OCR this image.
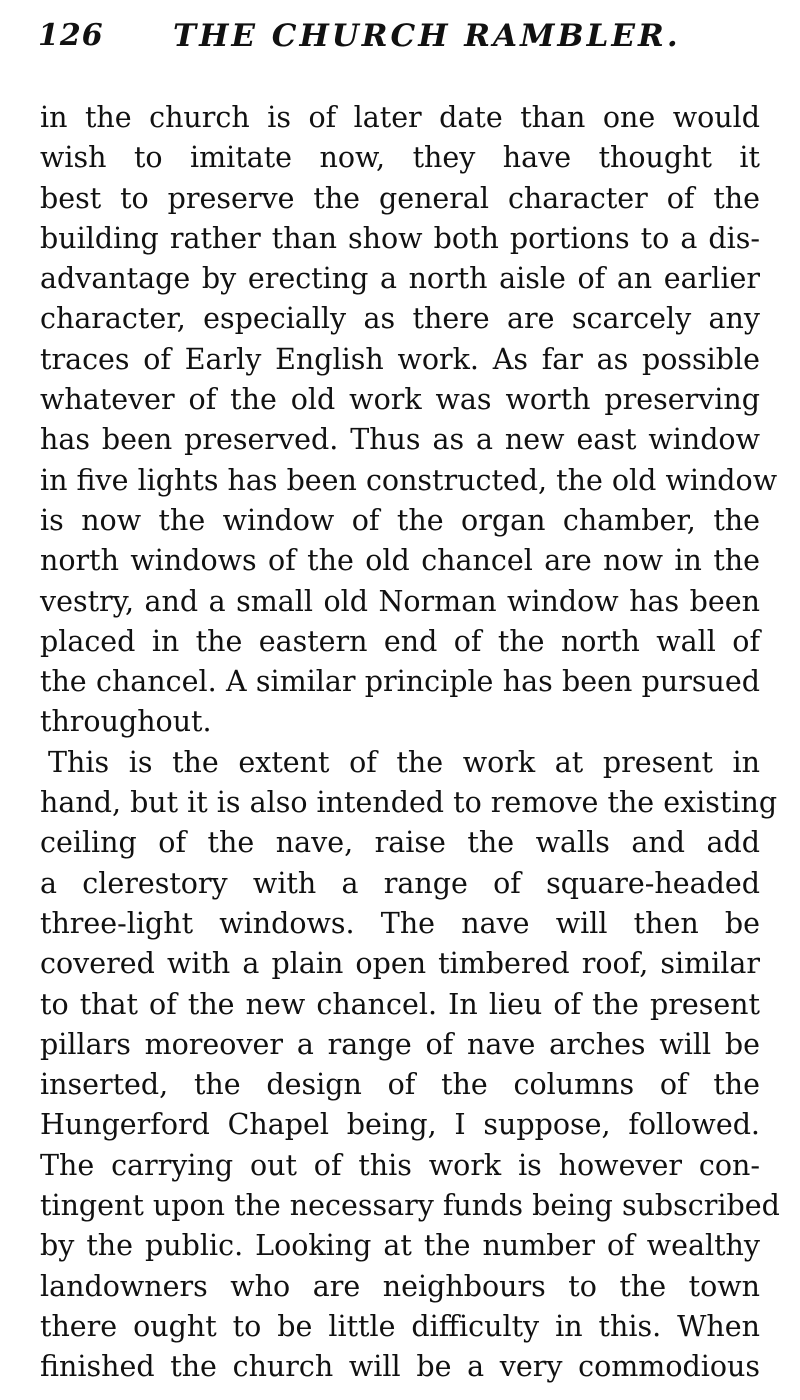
126 THE CHURCH RAMBLER.
in the church is of later date than one would
wish to imitate now, they have thought it
best to preserve the general character of the
building rather than show both portions to a dis-
advantage by erecting a north aisle of an earlier
character, especially as there are scarcely any
traces of Early English work. As far as possible
whatever of the old work was worth preserving
has been preserved. Thus as a new east window
in five lights has been constructed, the old window
is now the window of the organ chamber, the
north windows of the old chancel are now in the
vestry, and a small old Norman window has been
placed in the eastern end of the north wall of
the chancel. A similar principle has been pursued
throughout.
This is the extent of the work at present in
hand, but it is also intended to remove the existing
ceiling of the nave, raise the walls and add
a clerestory with a range of square-headed
three-light windows. The nave will then be
covered with a plain open timbered roof, similar
to that of the new chancel. In lieu of the present
pillars moreover a range of nave arches will be
inserted, the design of the columns of the
Hungerford Chapel being, I suppose, followed.
The carrying out of this work is however con-
tingent upon the necessary funds being subscribed
by the public. Looking at the number of wealthy
landowners who are neighbours to the town
there ought to be little difficulty in this. When
finished the church will be a very commodious
